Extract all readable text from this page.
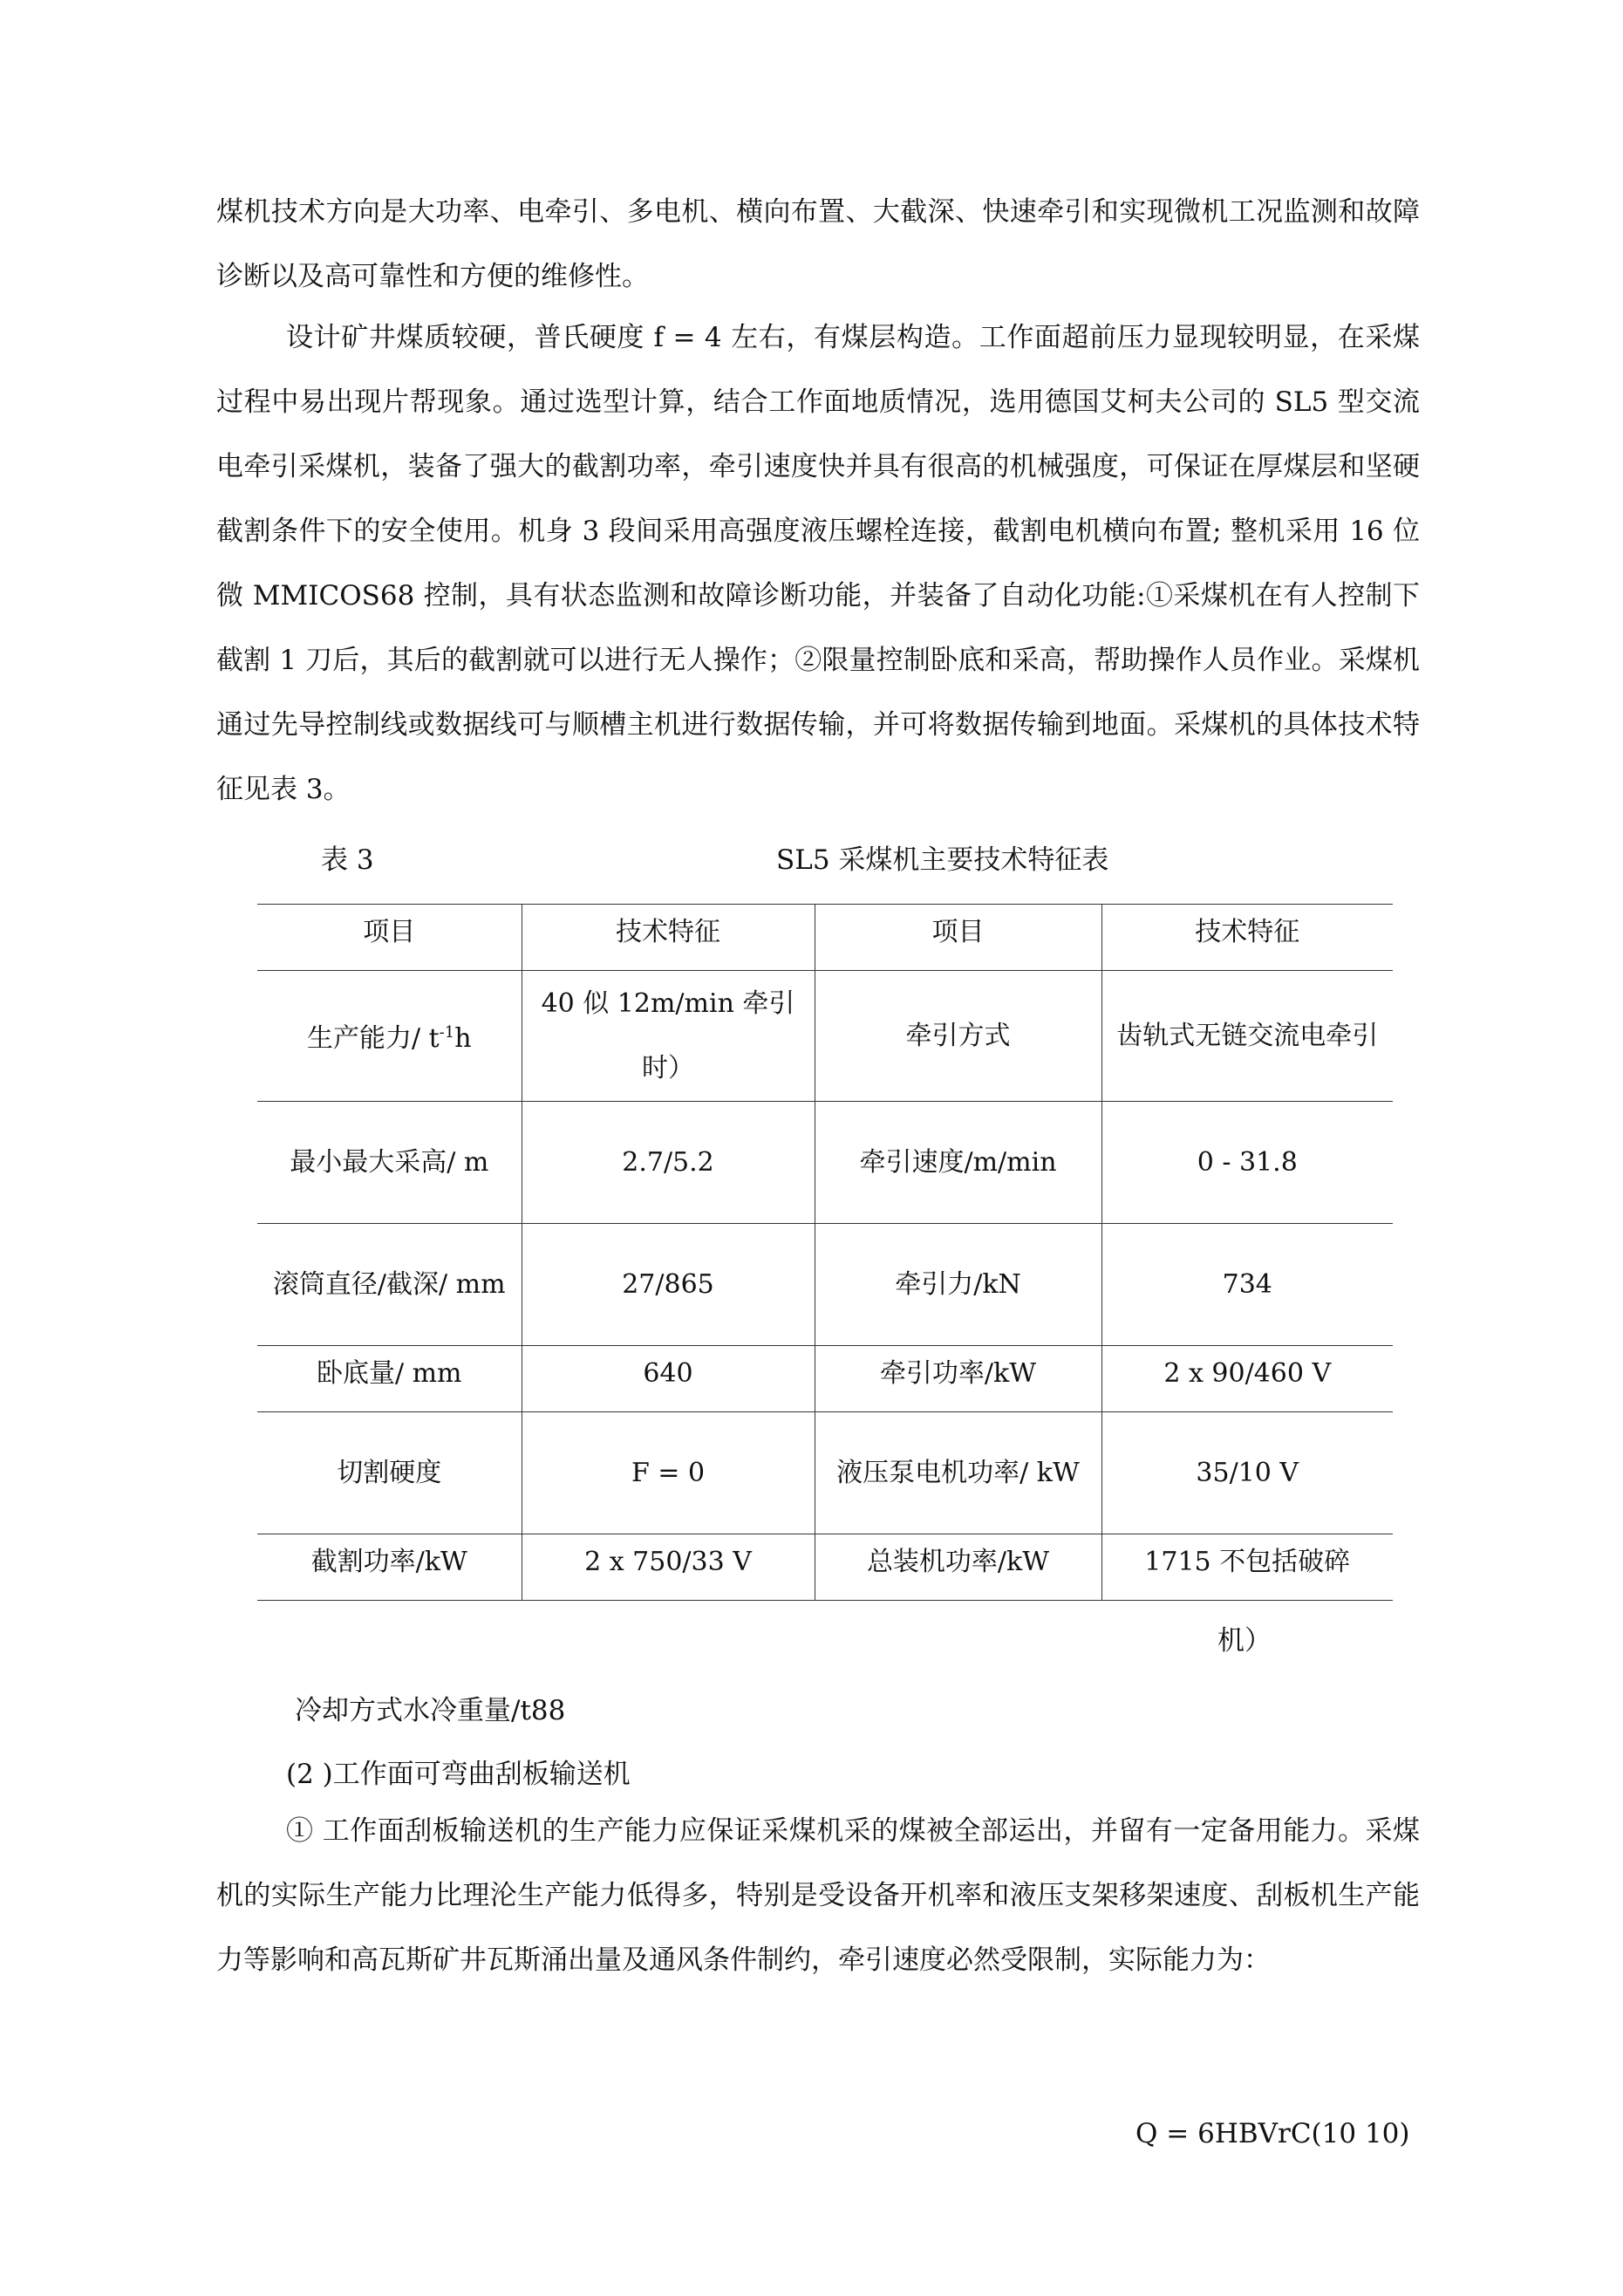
煤机技术方向是大功率、电牵引、多电机、横向布置、大截深、快速牵引和实现微机工况监测和故障诊断以及高可靠性和方便的维修性。

设计矿井煤质较硬，普氏硬度 f = 4 左右，有煤层构造。工作面超前压力显现较明显，在采煤过程中易出现片帮现象。通过选型计算，结合工作面地质情况，选用德国艾柯夫公司的 SL5 型交流电牵引采煤机，装备了强大的截割功率，牵引速度快并具有很高的机械强度，可保证在厚煤层和坚硬截割条件下的安全使用。机身 3 段间采用高强度液压螺栓连接，截割电机横向布置; 整机采用 16 位微 MMICOS68 控制，具有状态监测和故障诊断功能，并装备了自动化功能:①采煤机在有人控制下截割 1 刀后，其后的截割就可以进行无人操作；②限量控制卧底和采高，帮助操作人员作业。采煤机通过先导控制线或数据线可与顺槽主机进行数据传输，并可将数据传输到地面。采煤机的具体技术特征见表 3。

表 3	SL5 采煤机主要技术特征表
项目	技术特征	项目	技术特征
生产能力/ $t^{-1}h$	40 似 12m/min 牵引时）	牵引方式	齿轨式无链交流电牵引
最小最大采高/ m	2.7/5.2	牵引速度/m/min	0 - 31.8
滚筒直径/截深/ mm	27/865	牵引力/kN	734
卧底量/ mm	640	牵引功率/kW	2 x 90/460 V
切割硬度	F = 0	液压泵电机功率/ kW	35/10 V
截割功率/kW	2 x 750/33 V	总装机功率/kW	1715 不包括破碎
机）
冷却方式水冷重量/t88
(2 )工作面可弯曲刮板输送机

① 工作面刮板输送机的生产能力应保证采煤机采的煤被全部运出，并留有一定备用能力。采煤机的实际生产能力比理沦生产能力低得多，特别是受设备开机率和液压支架移架速度、刮板机生产能力等影响和高瓦斯矿井瓦斯涌出量及通风条件制约，牵引速度必然受限制，实际能力为：

Q = 6HBVrC(10 10)
